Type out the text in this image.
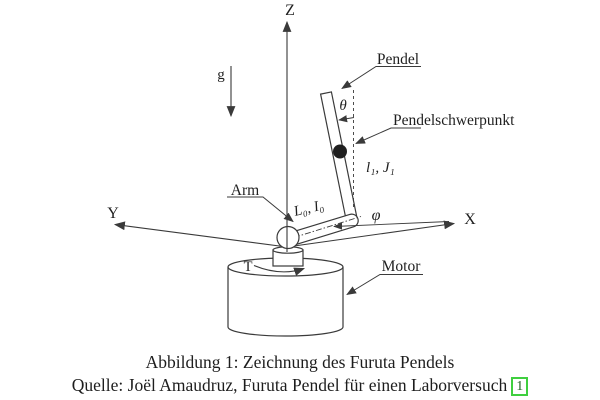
Z
Y	X
g
Pendel
θ
Pendelschwerpunkt
l₁, J₁
Arm
L₀, I₀	φ
T	Motor
Abbildung 1: Zeichnung des Furuta Pendels
Quelle: Joël Amaudruz, Furuta Pendel für einen Laborversuch 1
